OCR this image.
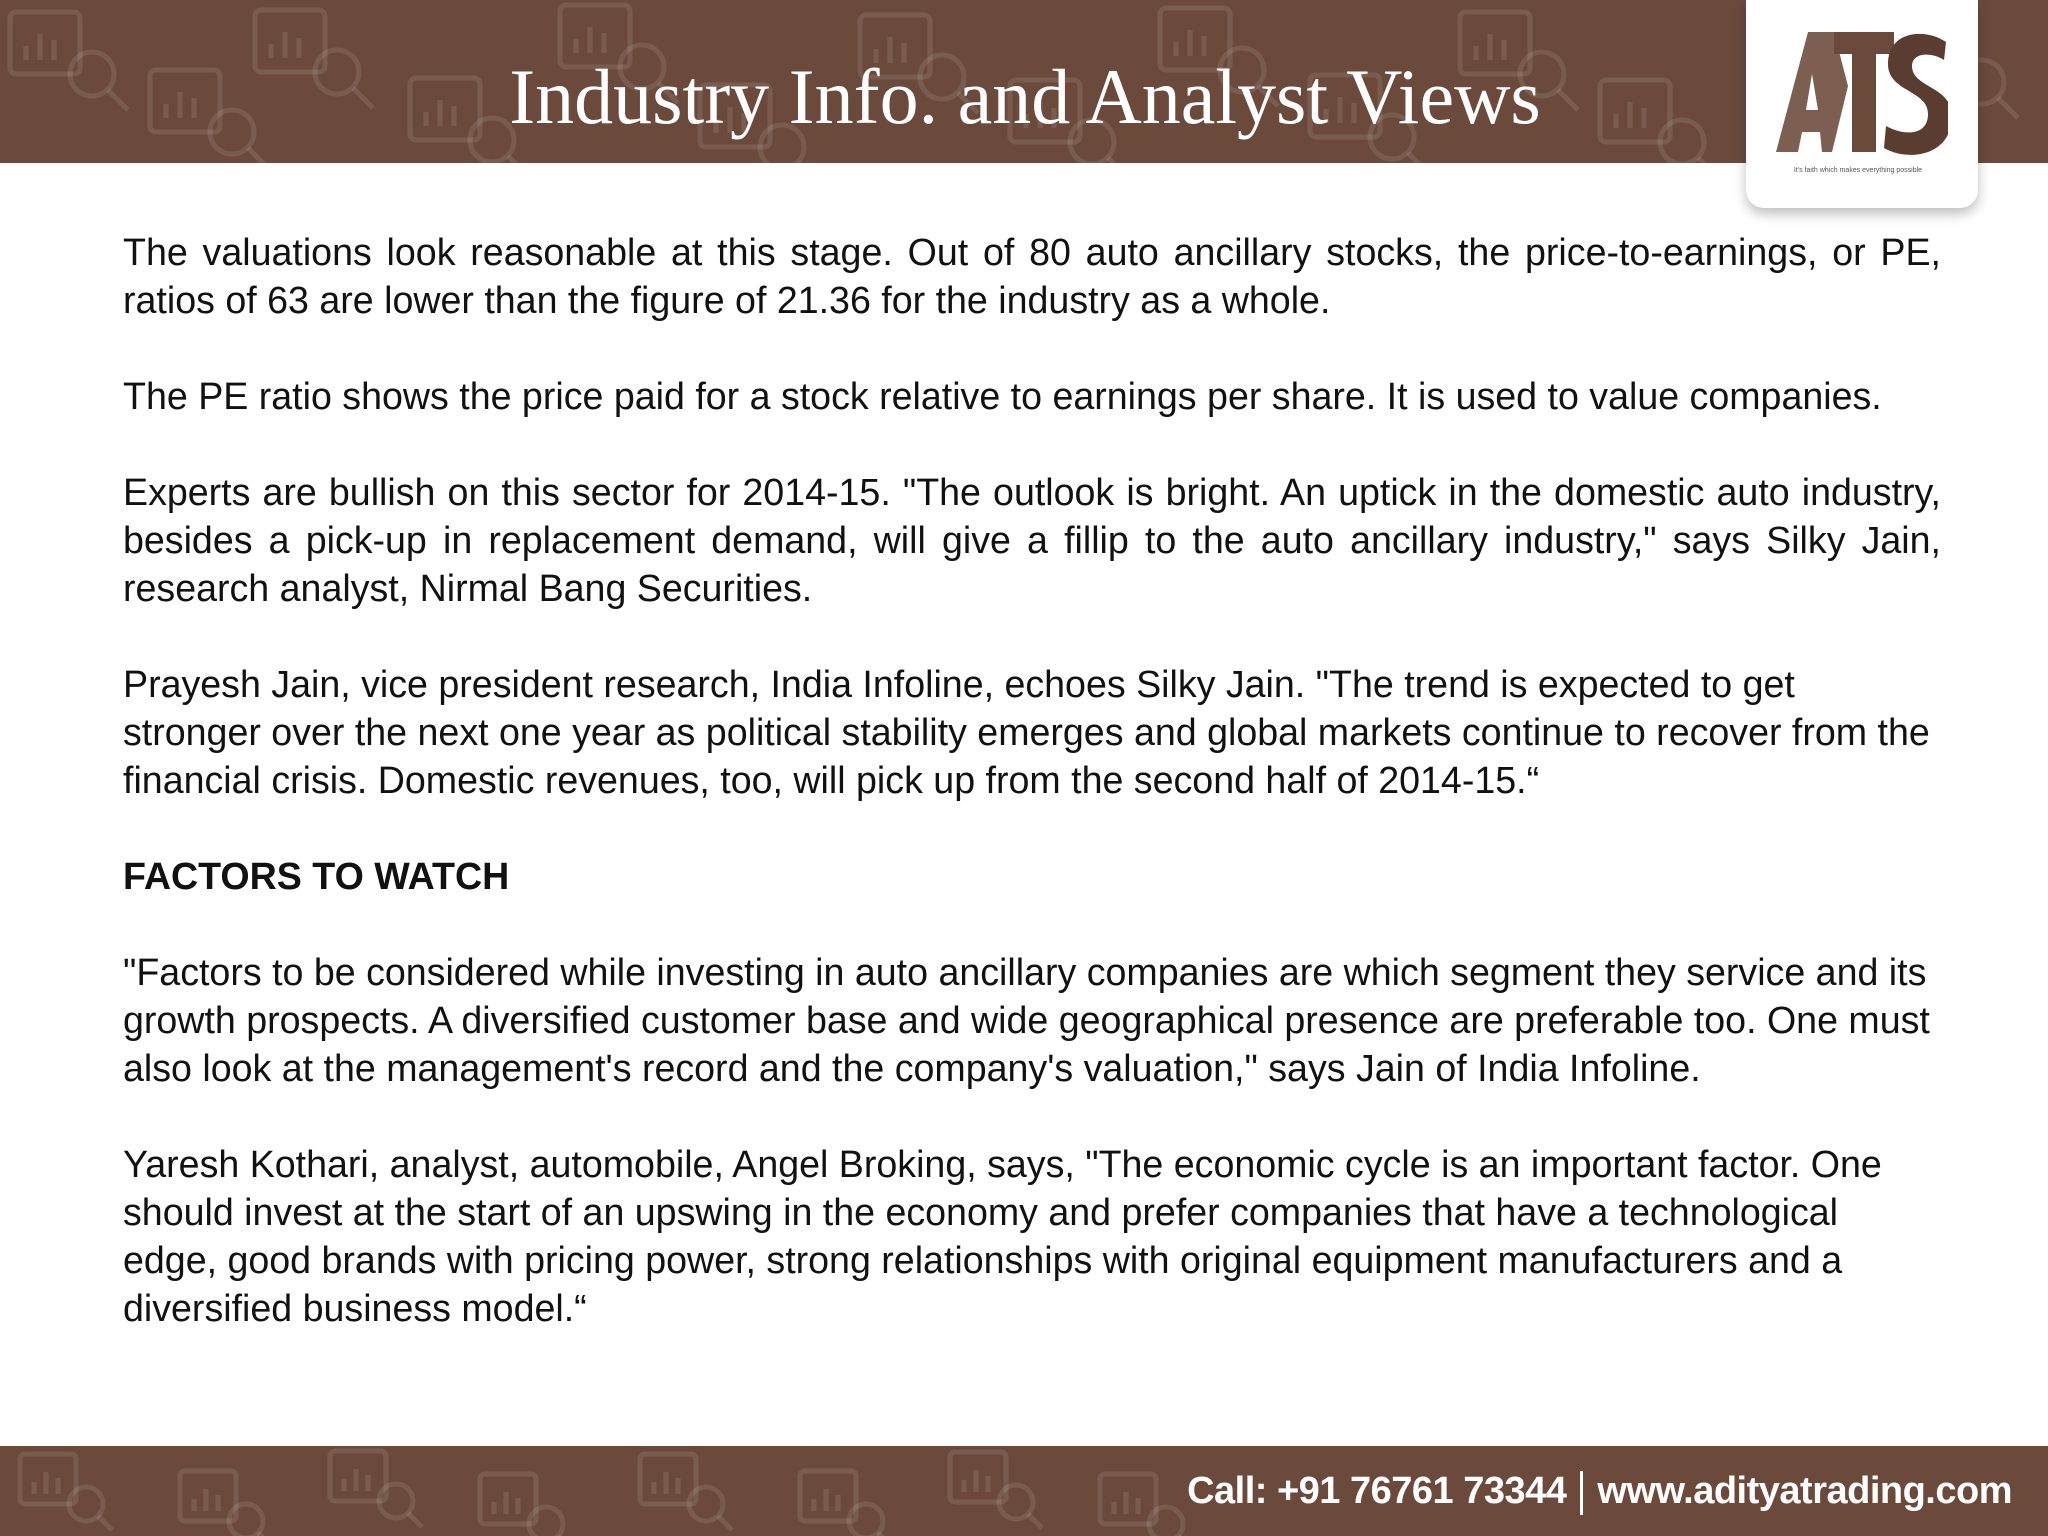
Industry Info. and Analyst Views
It's faith which makes everything possible

The valuations look reasonable at this stage. Out of 80 auto ancillary stocks, the price-to-earnings, or PE, ratios of 63 are lower than the figure of 21.36 for the industry as a whole.

The PE ratio shows the price paid for a stock relative to earnings per share. It is used to value companies.

Experts are bullish on this sector for 2014-15. "The outlook is bright. An uptick in the domestic auto industry, besides a pick-up in replacement demand, will give a fillip to the auto ancillary industry," says Silky Jain, research analyst, Nirmal Bang Securities.

Prayesh Jain, vice president research, India Infoline, echoes Silky Jain. "The trend is expected to get stronger over the next one year as political stability emerges and global markets continue to recover from the financial crisis. Domestic revenues, too, will pick up from the second half of 2014-15.“

FACTORS TO WATCH

"Factors to be considered while investing in auto ancillary companies are which segment they service and its growth prospects. A diversified customer base and wide geographical presence are preferable too. One must also look at the management's record and the company's valuation," says Jain of India Infoline.

Yaresh Kothari, analyst, automobile, Angel Broking, says, "The economic cycle is an important factor. One should invest at the start of an upswing in the economy and prefer companies that have a technological edge, good brands with pricing power, strong relationships with original equipment manufacturers and a diversified business model.“

Call: +91 76761 73344 www.adityatrading.com
